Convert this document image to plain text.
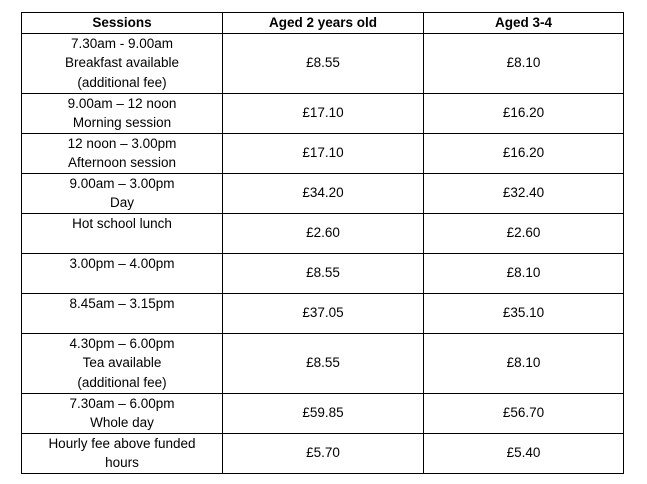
Sessions	Aged 2 years old	Aged 3-4

7.30am - 9.00am
Breakfast available
(additional fee)	£8.55	£8.10

9.00am – 12 noon
Morning session	£17.10	£16.20

12 noon – 3.00pm
Afternoon session	£17.10	£16.20

9.00am – 3.00pm
Day	£34.20	£32.40

Hot school lunch	£2.60	£2.60

3.00pm – 4.00pm	£8.55	£8.10

8.45am – 3.15pm	£37.05	£35.10

4.30pm – 6.00pm
Tea available
(additional fee)	£8.55	£8.10

7.30am – 6.00pm
Whole day	£59.85	£56.70

Hourly fee above funded
hours	£5.70	£5.40
